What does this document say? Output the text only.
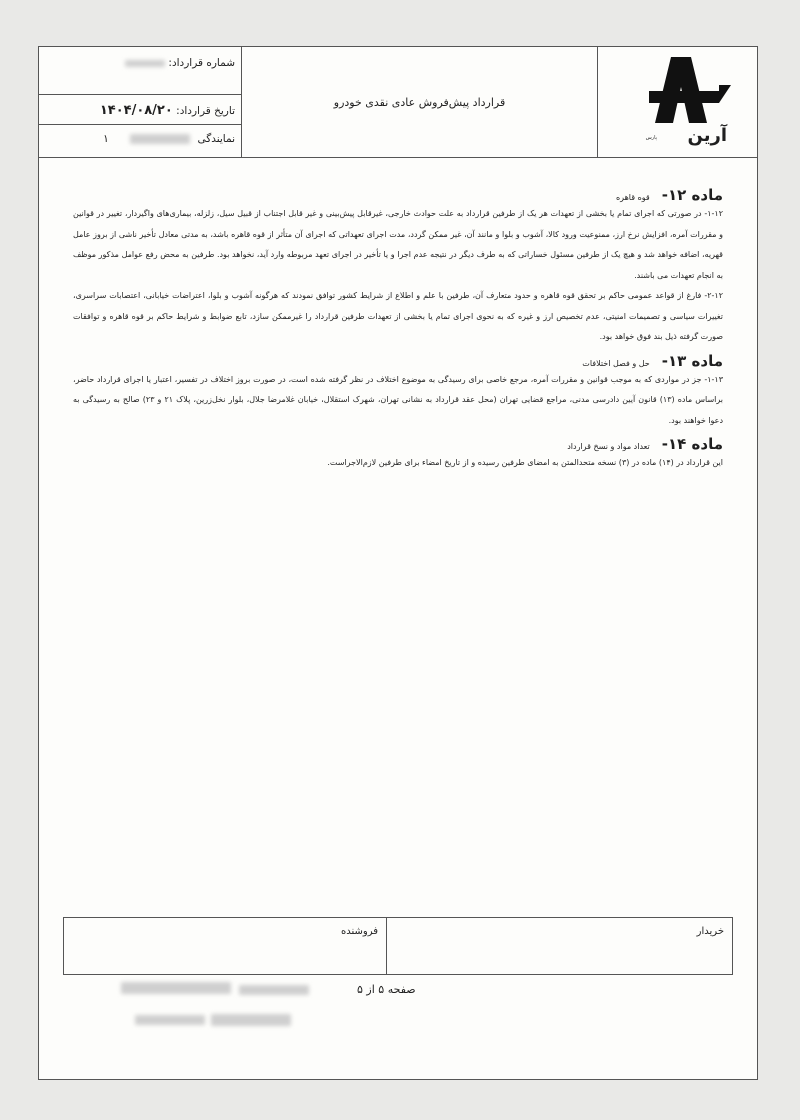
آرین
پارس
قرارداد پیش‌فروش عادی نقدی خودرو
شماره قرارداد:
تاریخ قرارداد: ۱۴۰۴/۰۸/۲۰
نمایندگی  ۱
ماده ۱۲-
قوه قاهره

۱-۱۲- در صورتی که اجرای تمام یا بخشی از تعهدات هر یک از طرفین قرارداد به علت حوادث خارجی، غیرقابل پیش‌بینی و غیر قابل اجتناب از قبیل سیل، زلزله، بیماری‌های واگیردار، تغییر در قوانین و مقررات آمره، افزایش نرخ ارز، ممنوعیت ورود کالا، آشوب و بلوا و مانند آن، غیر ممکن گردد، مدت اجرای تعهداتی که اجرای آن متأثر از قوه قاهره باشد، به مدتی معادل تأخیر ناشی از بروز عامل قهریه، اضافه خواهد شد و هیچ یک از طرفین مسئول خساراتی که به طرف دیگر در نتیجه عدم اجرا و یا تأخیر در اجرای تعهد مربوطه وارد آید، نخواهد بود. طرفین به محض رفع عوامل مذکور موظف به انجام تعهدات می باشند.

۲-۱۲- فارغ از قواعد عمومی حاکم بر تحقق قوه قاهره و حدود متعارف آن، طرفین با علم و اطلاع از شرایط کشور توافق نمودند که هرگونه آشوب و بلوا، اعتراضات خیابانی، اعتصابات سراسری، تغییرات سیاسی و تصمیمات امنیتی، عدم تخصیص ارز و غیره که به نحوی اجرای تمام یا بخشی از تعهدات طرفین قرارداد را غیرممکن سازد، تابع ضوابط و شرایط حاکم بر قوه قاهره و توافقات صورت گرفته ذیل بند فوق خواهد بود.

ماده ۱۳-
حل و فصل اختلافات

۱-۱۳- جز در مواردی که به موجب قوانین و مقررات آمره، مرجع خاصی برای رسیدگی به موضوع اختلاف در نظر گرفته شده است، در صورت بروز اختلاف در تفسیر، اعتبار یا اجرای قرارداد حاضر، براساس ماده (۱۳) قانون آیین دادرسی مدنی، مراجع قضایی تهران (محل عقد قرارداد به نشانی تهران، شهرک استقلال، خیابان غلامرضا جلال، بلوار نخل‌زرین، پلاک ۲۱ و ۲۳) صالح به رسیدگی به دعوا خواهند بود.

ماده ۱۴-
تعداد مواد و نسخ قرارداد

این قرارداد در (۱۴) ماده در (۳) نسخه متحدالمتن به امضای طرفین رسیده و از تاریخ امضاء برای طرفین لازم‌الاجراست.

خریدار
فروشنده
صفحه ۵ از ۵
